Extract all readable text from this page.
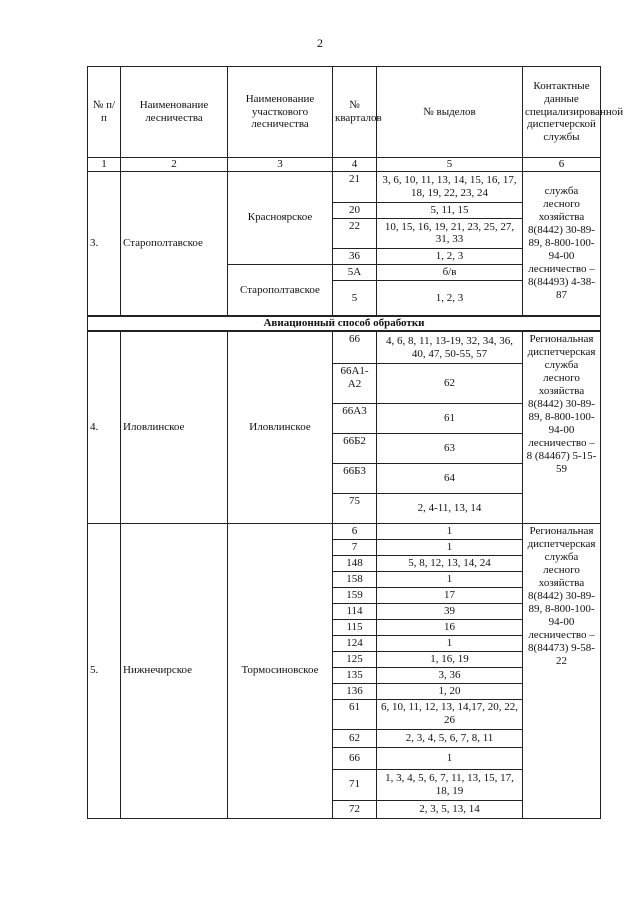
2
№ п/п	Наименование лесничества	Наименование участкового лесничества	№ кварталов	№ выделов	Контактные данные специализированной диспетчерской службы
1	2	3	4	5	6
3.	Старополтавское	Красноярское	21	3, 6, 10, 11, 13, 14, 15, 16, 17, 18, 19, 22, 23, 24	служба лесного хозяйства 8(8442) 30-89-89, 8-800-100-94-00 лесничество – 8(84493) 4-38-87
			20	5, 11, 15	
			22	10, 15, 16, 19, 21, 23, 25, 27, 31, 33	
			36	1, 2, 3	
		Старополтавское	5А	б/в	
			5	1, 2, 3	
Авиационный способ обработки					
4.	Иловлинское	Иловлинское	66	4, 6, 8, 11, 13-19, 32, 34, 36, 40, 47, 50-55, 57	Региональная диспетчерская служба лесного хозяйства 8(8442) 30-89-89, 8-800-100-94-00 лесничество – 8 (84467) 5-15-59
			66А1-А2	62	
			66А3	61	
			66Б2	63	
			66Б3	64	
			75	2, 4-11, 13, 14	
5.	Нижнечирское	Тормосиновское	6	1	Региональная диспетчерская служба лесного хозяйства 8(8442) 30-89-89, 8-800-100-94-00 лесничество – 8(84473) 9-58-22
			7	1	
			148	5, 8, 12, 13, 14, 24	
			158	1	
			159	17	
			114	39	
			115	16	
			124	1	
			125	1, 16, 19	
			135	3, 36	
			136	1, 20	
			61	6, 10, 11, 12, 13, 14,17, 20, 22, 26	
			62	2, 3, 4, 5, 6, 7, 8, 11	
			66	1	
			71	1, 3, 4, 5, 6, 7, 11, 13, 15, 17, 18, 19	
			72	2, 3, 5, 13, 14	
